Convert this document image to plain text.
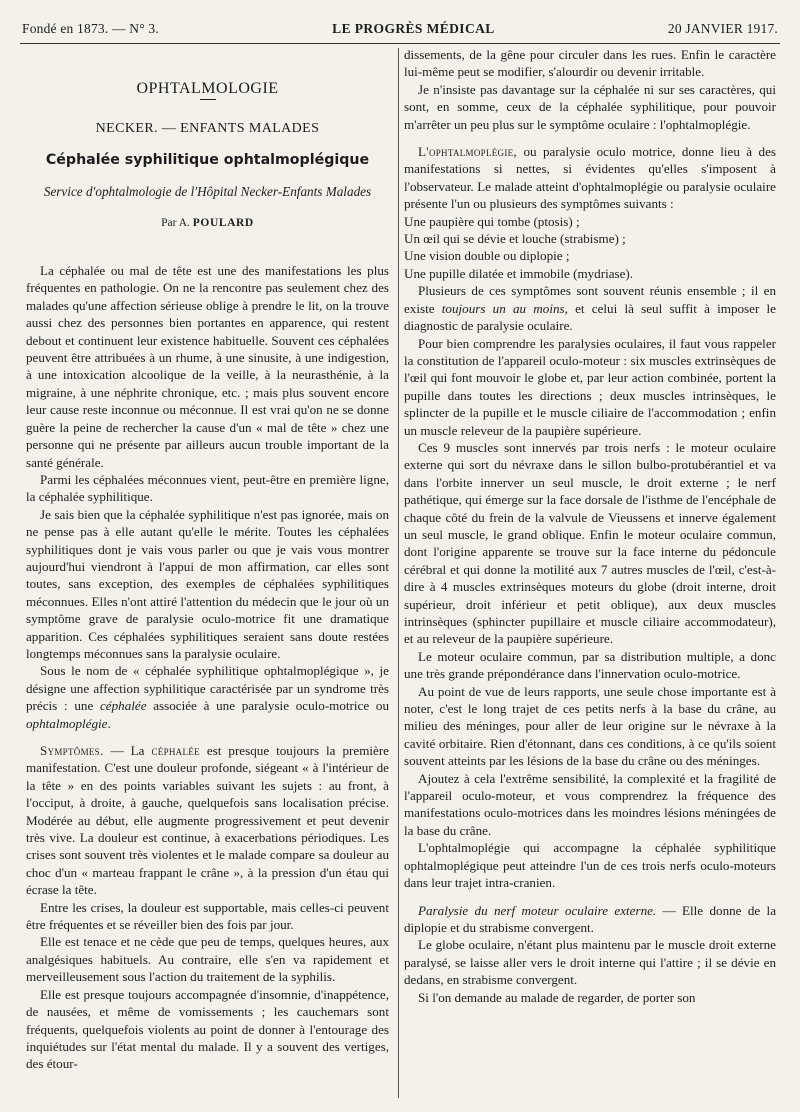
Fondé en 1873. — N° 3.	LE PROGRÈS MÉDICAL	20 JANVIER 1917.
OPHTALMOLOGIE
NECKER. — ENFANTS MALADES
Céphalée syphilitique ophtalmoplégique
Service d'ophtalmologie de l'Hôpital Necker-Enfants Malades
Par A. POULARD

La céphalée ou mal de tête est une des manifestations les plus fréquentes en pathologie. On ne la rencontre pas seulement chez des malades qu'une affection sérieuse oblige à prendre le lit, on la trouve aussi chez des personnes bien portantes en apparence, qui restent debout et continuent leur existence habituelle. Souvent ces céphalées peuvent être attribuées à un rhume, à une sinusite, à une indigestion, à une intoxication alcoolique de la veille, à la neurasthénie, à la migraine, à une néphrite chronique, etc. ; mais plus souvent encore leur cause reste inconnue ou méconnue. Il est vrai qu'on ne se donne guère la peine de rechercher la cause d'un « mal de tête » chez une personne qui ne présente par ailleurs aucun trouble important de la santé générale.

Parmi les céphalées méconnues vient, peut-être en première ligne, la céphalée syphilitique.

Je sais bien que la céphalée syphilitique n'est pas ignorée, mais on ne pense pas à elle autant qu'elle le mérite. Toutes les céphalées syphilitiques dont je vais vous parler ou que je vais vous montrer aujourd'hui viendront à l'appui de mon affirmation, car elles sont toutes, sans exception, des exemples de céphalées syphilitiques méconnues. Elles n'ont attiré l'attention du médecin que le jour où un symptôme grave de paralysie oculo-motrice fit une dramatique apparition. Ces céphalées syphilitiques seraient sans doute restées longtemps méconnues sans la paralysie oculaire.

Sous le nom de « céphalée syphilitique ophtalmoplégique », je désigne une affection syphilitique caractérisée par un syndrome très précis : une céphalée associée à une paralysie oculo-motrice ou ophtalmoplégie.

Symptômes. — La céphalée est presque toujours la première manifestation. C'est une douleur profonde, siégeant « à l'intérieur de la tête » en des points variables suivant les sujets : au front, à l'occiput, à droite, à gauche, quelquefois sans localisation précise. Modérée au début, elle augmente progressivement et peut devenir très vive. La douleur est continue, à exacerbations périodiques. Les crises sont souvent très violentes et le malade compare sa douleur au choc d'un « marteau frappant le crâne », à la pression d'un étau qui écrase la tête.

Entre les crises, la douleur est supportable, mais celles-ci peuvent être fréquentes et se réveiller bien des fois par jour.

Elle est tenace et ne cède que peu de temps, quelques heures, aux analgésiques habituels. Au contraire, elle s'en va rapidement et merveilleusement sous l'action du traitement de la syphilis.

Elle est presque toujours accompagnée d'insomnie, d'inappétence, de nausées, et même de vomissements ; les cauchemars sont fréquents, quelquefois violents au point de donner à l'entourage des inquiétudes sur l'état mental du malade. Il y a souvent des vertiges, des étour-

dissements, de la gêne pour circuler dans les rues. Enfin le caractère lui-même peut se modifier, s'alourdir ou devenir irritable.

Je n'insiste pas davantage sur la céphalée ni sur ses caractères, qui sont, en somme, ceux de la céphalée syphilitique, pour pouvoir m'arrêter un peu plus sur le symptôme oculaire : l'ophtalmoplégie.

L'ophtalmoplégie, ou paralysie oculo motrice, donne lieu à des manifestations si nettes, si évidentes qu'elles s'imposent à l'observateur. Le malade atteint d'ophtalmoplégie ou paralysie oculaire présente l'un ou plusieurs des symptômes suivants :

Une paupière qui tombe (ptosis) ;

Un œil qui se dévie et louche (strabisme) ;

Une vision double ou diplopie ;

Une pupille dilatée et immobile (mydriase).

Plusieurs de ces symptômes sont souvent réunis ensemble ; il en existe toujours un au moins, et celui là seul suffit à imposer le diagnostic de paralysie oculaire.

Pour bien comprendre les paralysies oculaires, il faut vous rappeler la constitution de l'appareil oculo-moteur : six muscles extrinsèques de l'œil qui font mouvoir le globe et, par leur action combinée, portent la pupille dans toutes les directions ; deux muscles intrinsèques, le splincter de la pupille et le muscle ciliaire de l'accommodation ; enfin un muscle releveur de la paupière supérieure.

Ces 9 muscles sont innervés par trois nerfs : le moteur oculaire externe qui sort du névraxe dans le sillon bulbo-protubérantiel et va dans l'orbite innerver un seul muscle, le droit externe ; le nerf pathétique, qui émerge sur la face dorsale de l'isthme de l'encéphale de chaque côté du frein de la valvule de Vieussens et innerve également un seul muscle, le grand oblique. Enfin le moteur oculaire commun, dont l'origine apparente se trouve sur la face interne du pédoncule cérébral et qui donne la motilité aux 7 autres muscles de l'œil, c'est-à-dire à 4 muscles extrinsèques moteurs du globe (droit interne, droit supérieur, droit inférieur et petit oblique), aux deux muscles intrinsèques (sphincter pupillaire et muscle ciliaire accommodateur), et au releveur de la paupière supérieure.

Le moteur oculaire commun, par sa distribution multiple, a donc une très grande prépondérance dans l'innervation oculo-motrice.

Au point de vue de leurs rapports, une seule chose importante est à noter, c'est le long trajet de ces petits nerfs à la base du crâne, au milieu des méninges, pour aller de leur origine sur le névraxe à la cavité orbitaire. Rien d'étonnant, dans ces conditions, à ce qu'ils soient souvent atteints par les lésions de la base du crâne ou des méninges.

Ajoutez à cela l'extrême sensibilité, la complexité et la fragilité de l'appareil oculo-moteur, et vous comprendrez la fréquence des manifestations oculo-motrices dans les moindres lésions méningées de la base du crâne.

L'ophtalmoplégie qui accompagne la céphalée syphilitique ophtalmoplégique peut atteindre l'un de ces trois nerfs oculo-moteurs dans leur trajet intra-cranien.

Paralysie du nerf moteur oculaire externe. — Elle donne de la diplopie et du strabisme convergent.

Le globe oculaire, n'étant plus maintenu par le muscle droit externe paralysé, se laisse aller vers le droit interne qui l'attire ; il se dévie en dedans, en strabisme convergent.

Si l'on demande au malade de regarder, de porter son
